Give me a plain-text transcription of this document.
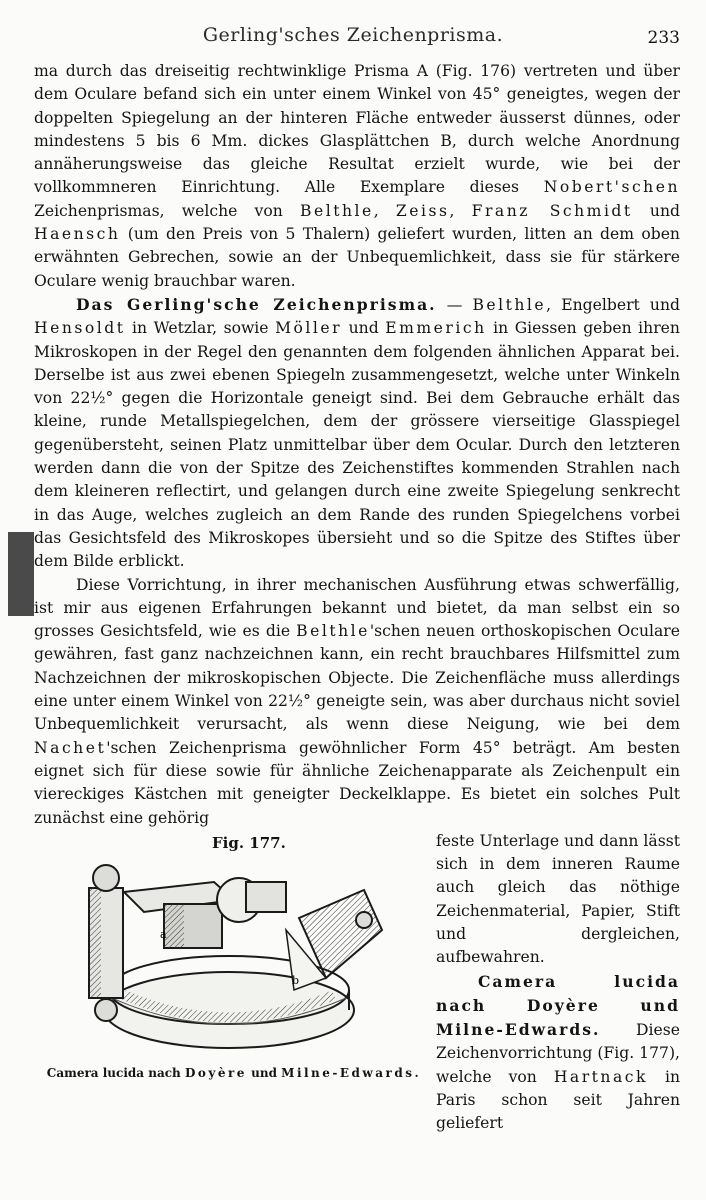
Gerling'sches Zeichenprisma.	233

ma durch das dreiseitig rechtwinklige Prisma A (Fig. 176) vertreten und über dem Oculare befand sich ein unter einem Winkel von 45° geneigtes, wegen der doppelten Spiegelung an der hinteren Fläche entweder äusserst dünnes, oder mindestens 5 bis 6 Mm. dickes Glasplättchen B, durch welche Anordnung annäherungsweise das gleiche Resultat erzielt wurde, wie bei der vollkommneren Einrichtung. Alle Exemplare dieses Nobert'schen Zeichenprismas, welche von Belthle, Zeiss, Franz Schmidt und Haensch (um den Preis von 5 Thalern) geliefert wurden, litten an dem oben erwähnten Gebrechen, sowie an der Unbequemlichkeit, dass sie für stärkere Oculare wenig brauchbar waren.

Das Gerling'sche Zeichenprisma. — Belthle, Engelbert und Hensoldt in Wetzlar, sowie Möller und Emmerich in Giessen geben ihren Mikroskopen in der Regel den genannten dem folgenden ähnlichen Apparat bei. Derselbe ist aus zwei ebenen Spiegeln zusammengesetzt, welche unter Winkeln von 22½° gegen die Horizontale geneigt sind. Bei dem Gebrauche erhält das kleine, runde Metallspiegelchen, dem der grössere vierseitige Glasspiegel gegenübersteht, seinen Platz unmittelbar über dem Ocular. Durch den letzteren werden dann die von der Spitze des Zeichenstiftes kommenden Strahlen nach dem kleineren reflectirt, und gelangen durch eine zweite Spiegelung senkrecht in das Auge, welches zugleich an dem Rande des runden Spiegelchens vorbei das Gesichtsfeld des Mikroskopes übersieht und so die Spitze des Stiftes über dem Bilde erblickt.

Diese Vorrichtung, in ihrer mechanischen Ausführung etwas schwerfällig, ist mir aus eigenen Erfahrungen bekannt und bietet, da man selbst ein so grosses Gesichtsfeld, wie es die Belthle'schen neuen orthoskopischen Oculare gewähren, fast ganz nachzeichnen kann, ein recht brauchbares Hilfsmittel zum Nachzeichnen der mikroskopischen Objecte. Die Zeichenfläche muss allerdings eine unter einem Winkel von 22½° geneigte sein, was aber durchaus nicht soviel Unbequemlichkeit verursacht, als wenn diese Neigung, wie bei dem Nachet'schen Zeichenprisma gewöhnlicher Form 45° beträgt. Am besten eignet sich für diese sowie für ähnliche Zeichenapparate als Zeichenpult ein viereckiges Kästchen mit geneigter Deckelklappe. Es bietet ein solches Pult zunächst eine gehörig

Fig. 177.
a
b
Camera lucida nach Doyère und Milne-Edwards.

feste Unterlage und dann lässt sich in dem inneren Raume auch gleich das nöthige Zeichenmaterial, Papier, Stift und dergleichen, aufbewahren.

Camera lucida nach Doyère und Milne-Edwards. Diese Zeichenvorrichtung (Fig. 177), welche von Hartnack in Paris schon seit Jahren geliefert
